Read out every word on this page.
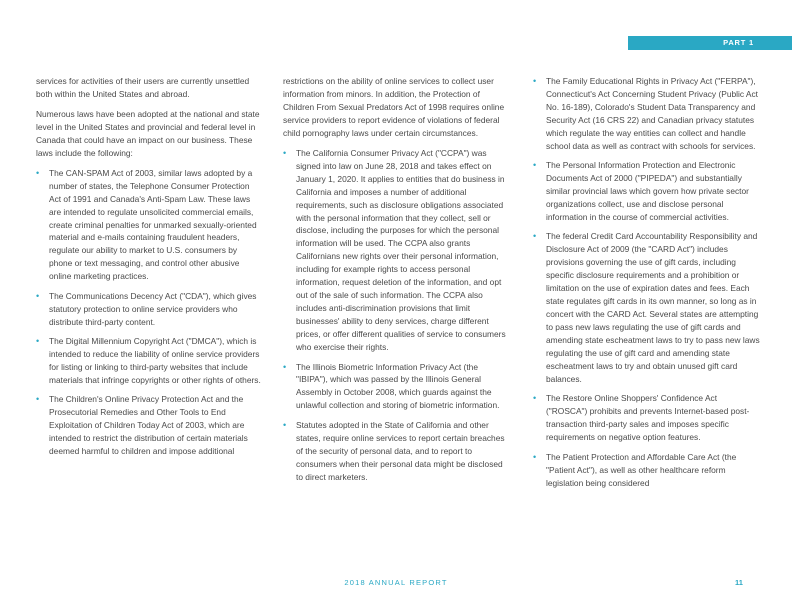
PART 1

services for activities of their users are currently unsettled both within the United States and abroad.

Numerous laws have been adopted at the national and state level in the United States and provincial and federal level in Canada that could have an impact on our business. These laws include the following:

• The CAN-SPAM Act of 2003, similar laws adopted by a number of states, the Telephone Consumer Protection Act of 1991 and Canada's Anti-Spam Law. These laws are intended to regulate unsolicited commercial emails, create criminal penalties for unmarked sexually-oriented material and e-mails containing fraudulent headers, regulate our ability to market to U.S. consumers by phone or text messaging, and control other abusive online marketing practices.
• The Communications Decency Act ("CDA"), which gives statutory protection to online service providers who distribute third-party content.
• The Digital Millennium Copyright Act ("DMCA"), which is intended to reduce the liability of online service providers for listing or linking to third-party websites that include materials that infringe copyrights or other rights of others.
• The Children's Online Privacy Protection Act and the Prosecutorial Remedies and Other Tools to End Exploitation of Children Today Act of 2003, which are intended to restrict the distribution of certain materials deemed harmful to children and impose additional

restrictions on the ability of online services to collect user information from minors. In addition, the Protection of Children From Sexual Predators Act of 1998 requires online service providers to report evidence of violations of federal child pornography laws under certain circumstances.

• The California Consumer Privacy Act ("CCPA") was signed into law on June 28, 2018 and takes effect on January 1, 2020. It applies to entities that do business in California and imposes a number of additional requirements, such as disclosure obligations associated with the personal information that they collect, sell or disclose, including the purposes for which the personal information will be used. The CCPA also grants Californians new rights over their personal information, including for example rights to access personal information, request deletion of the information, and opt out of the sale of such information. The CCPA also includes anti-discrimination provisions that limit businesses' ability to deny services, charge different prices, or offer different qualities of service to consumers who exercise their rights.
• The Illinois Biometric Information Privacy Act (the "IBIPA"), which was passed by the Illinois General Assembly in October 2008, which guards against the unlawful collection and storing of biometric information.
• Statutes adopted in the State of California and other states, require online services to report certain breaches of the security of personal data, and to report to consumers when their personal data might be disclosed to direct marketers.
• The Family Educational Rights in Privacy Act ("FERPA"), Connecticut's Act Concerning Student Privacy (Public Act No. 16-189), Colorado's Student Data Transparency and Security Act (16 CRS 22) and Canadian privacy statutes which regulate the way entities can collect and handle school data as well as contract with schools for services.
• The Personal Information Protection and Electronic Documents Act of 2000 ("PIPEDA") and substantially similar provincial laws which govern how private sector organizations collect, use and disclose personal information in the course of commercial activities.
• The federal Credit Card Accountability Responsibility and Disclosure Act of 2009 (the "CARD Act") includes provisions governing the use of gift cards, including specific disclosure requirements and a prohibition or limitation on the use of expiration dates and fees. Each state regulates gift cards in its own manner, so long as in concert with the CARD Act. Several states are attempting to pass new laws regulating the use of gift cards and amending state escheatment laws to try to pass new laws regulating the use of gift card and amending state escheatment laws to try and obtain unused gift card balances.
• The Restore Online Shoppers' Confidence Act ("ROSCA") prohibits and prevents Internet-based post-transaction third-party sales and imposes specific requirements on negative option features.
• The Patient Protection and Affordable Care Act (the "Patient Act"), as well as other healthcare reform legislation being considered
2018 ANNUAL REPORT	11
